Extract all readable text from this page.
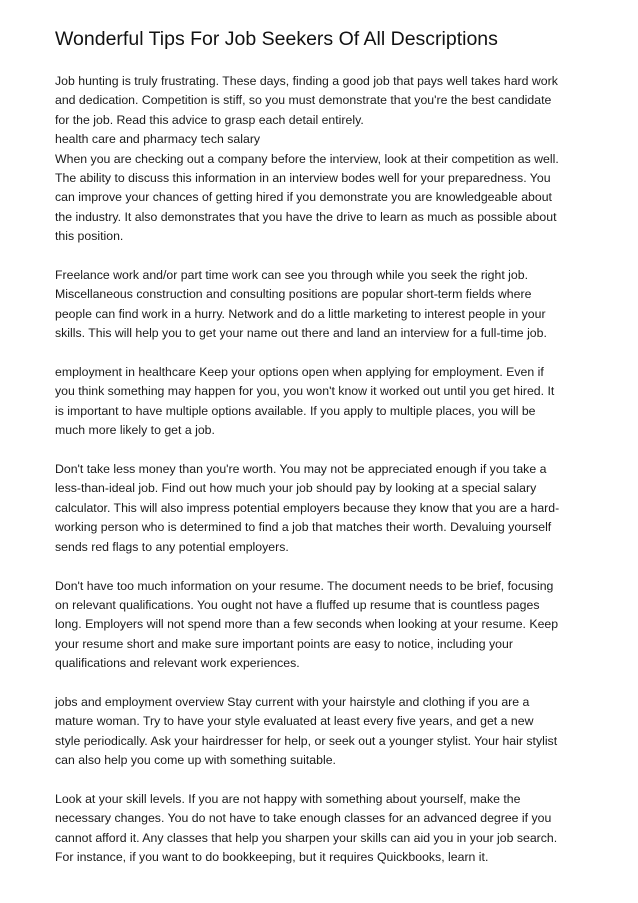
Wonderful Tips For Job Seekers Of All Descriptions

Job hunting is truly frustrating. These days, finding a good job that pays well takes hard work
and dedication. Competition is stiff, so you must demonstrate that you're the best candidate
for the job. Read this advice to grasp each detail entirely.
health care and pharmacy tech salary
When you are checking out a company before the interview, look at their competition as well.
The ability to discuss this information in an interview bodes well for your preparedness. You
can improve your chances of getting hired if you demonstrate you are knowledgeable about
the industry. It also demonstrates that you have the drive to learn as much as possible about
this position.

Freelance work and/or part time work can see you through while you seek the right job.
Miscellaneous construction and consulting positions are popular short-term fields where
people can find work in a hurry. Network and do a little marketing to interest people in your
skills. This will help you to get your name out there and land an interview for a full-time job.

employment in healthcare Keep your options open when applying for employment. Even if
you think something may happen for you, you won't know it worked out until you get hired. It
is important to have multiple options available. If you apply to multiple places, you will be
much more likely to get a job.

Don't take less money than you're worth. You may not be appreciated enough if you take a
less-than-ideal job. Find out how much your job should pay by looking at a special salary
calculator. This will also impress potential employers because they know that you are a hard-
working person who is determined to find a job that matches their worth. Devaluing yourself
sends red flags to any potential employers.

Don't have too much information on your resume. The document needs to be brief, focusing
on relevant qualifications. You ought not have a fluffed up resume that is countless pages
long. Employers will not spend more than a few seconds when looking at your resume. Keep
your resume short and make sure important points are easy to notice, including your
qualifications and relevant work experiences.

jobs and employment overview Stay current with your hairstyle and clothing if you are a
mature woman. Try to have your style evaluated at least every five years, and get a new
style periodically. Ask your hairdresser for help, or seek out a younger stylist. Your hair stylist
can also help you come up with something suitable.

Look at your skill levels. If you are not happy with something about yourself, make the
necessary changes. You do not have to take enough classes for an advanced degree if you
cannot afford it. Any classes that help you sharpen your skills can aid you in your job search.
For instance, if you want to do bookkeeping, but it requires Quickbooks, learn it.
